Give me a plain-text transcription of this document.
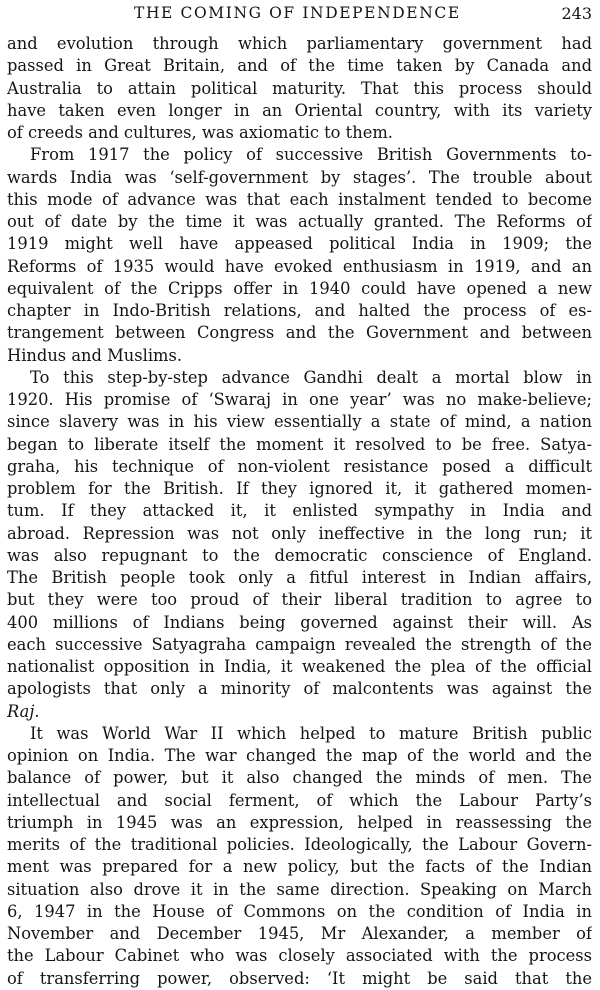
THE COMING OF INDEPENDENCE	243
and evolution through which parliamentary government had
passed in Great Britain, and of the time taken by Canada and
Australia to attain political maturity. That this process should
have taken even longer in an Oriental country, with its variety
of creeds and cultures, was axiomatic to them.
From 1917 the policy of successive British Governments to-
wards India was ‘self-government by stages’. The trouble about
this mode of advance was that each instalment tended to become
out of date by the time it was actually granted. The Reforms of
1919 might well have appeased political India in 1909; the
Reforms of 1935 would have evoked enthusiasm in 1919, and an
equivalent of the Cripps offer in 1940 could have opened a new
chapter in Indo-British relations, and halted the process of es-
trangement between Congress and the Government and between
Hindus and Muslims.
To this step-by-step advance Gandhi dealt a mortal blow in
1920. His promise of ‘Swaraj in one year’ was no make-believe;
since slavery was in his view essentially a state of mind, a nation
began to liberate itself the moment it resolved to be free. Satya-
graha, his technique of non-violent resistance posed a difficult
problem for the British. If they ignored it, it gathered momen-
tum. If they attacked it, it enlisted sympathy in India and
abroad. Repression was not only ineffective in the long run; it
was also repugnant to the democratic conscience of England.
The British people took only a fitful interest in Indian affairs,
but they were too proud of their liberal tradition to agree to
400 millions of Indians being governed against their will. As
each successive Satyagraha campaign revealed the strength of the
nationalist opposition in India, it weakened the plea of the official
apologists that only a minority of malcontents was against the
Raj.
It was World War II which helped to mature British public
opinion on India. The war changed the map of the world and the
balance of power, but it also changed the minds of men. The
intellectual and social ferment, of which the Labour Party’s
triumph in 1945 was an expression, helped in reassessing the
merits of the traditional policies. Ideologically, the Labour Govern-
ment was prepared for a new policy, but the facts of the Indian
situation also drove it in the same direction. Speaking on March
6, 1947 in the House of Commons on the condition of India in
November and December 1945, Mr Alexander, a member of
the Labour Cabinet who was closely associated with the process
of transferring power, observed: ‘It might be said that the
